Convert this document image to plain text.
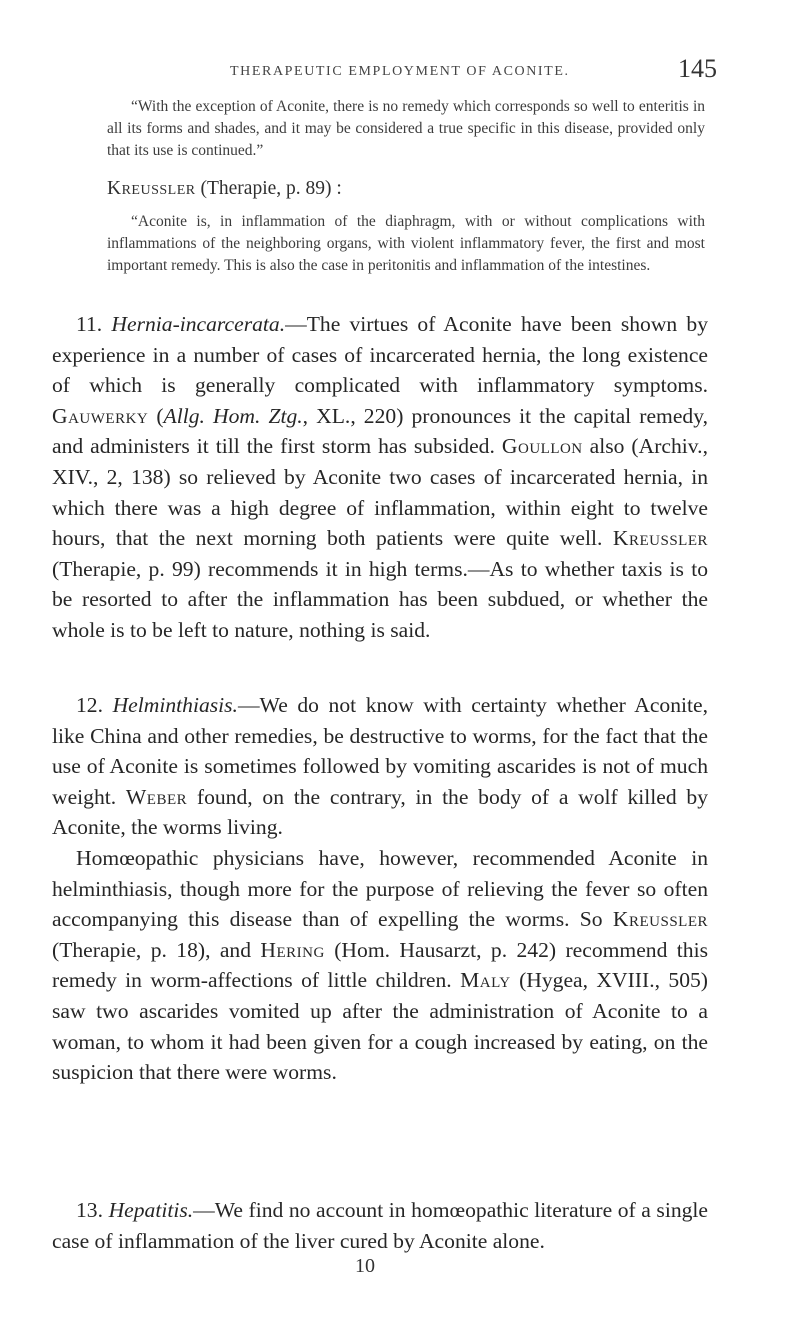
THERAPEUTIC EMPLOYMENT OF ACONITE.	145

“With the exception of Aconite, there is no remedy which corresponds so well to enteritis in all its forms and shades, and it may be considered a true specific in this disease, provided only that its use is continued.”

Kreussler (Therapie, p. 89) :

“Aconite is, in inflammation of the diaphragm, with or without complications with inflammations of the neighboring organs, with violent inflammatory fever, the first and most important remedy. This is also the case in peritonitis and inflammation of the intestines.

11. Hernia-incarcerata.—The virtues of Aconite have been shown by experience in a number of cases of incarcerated hernia, the long existence of which is generally complicated with inflammatory symptoms. Gauwerky (Allg. Hom. Ztg., XL., 220) pronounces it the capital remedy, and administers it till the first storm has subsided. Goullon also (Archiv., XIV., 2, 138) so relieved by Aconite two cases of incarcerated hernia, in which there was a high degree of inflammation, within eight to twelve hours, that the next morning both patients were quite well. Kreussler (Therapie, p. 99) recommends it in high terms.—As to whether taxis is to be resorted to after the inflammation has been subdued, or whether the whole is to be left to nature, nothing is said.

12. Helminthiasis.—We do not know with certainty whether Aconite, like China and other remedies, be destructive to worms, for the fact that the use of Aconite is sometimes followed by vomiting ascarides is not of much weight. Weber found, on the contrary, in the body of a wolf killed by Aconite, the worms living.

Homœopathic physicians have, however, recommended Aconite in helminthiasis, though more for the purpose of relieving the fever so often accompanying this disease than of expelling the worms. So Kreussler (Therapie, p. 18), and Hering (Hom. Hausarzt, p. 242) recommend this remedy in worm-affections of little children. Maly (Hygea, XVIII., 505) saw two ascarides vomited up after the administration of Aconite to a woman, to whom it had been given for a cough increased by eating, on the suspicion that there were worms.

13. Hepatitis.—We find no account in homœopathic literature of a single case of inflammation of the liver cured by Aconite alone.

10
